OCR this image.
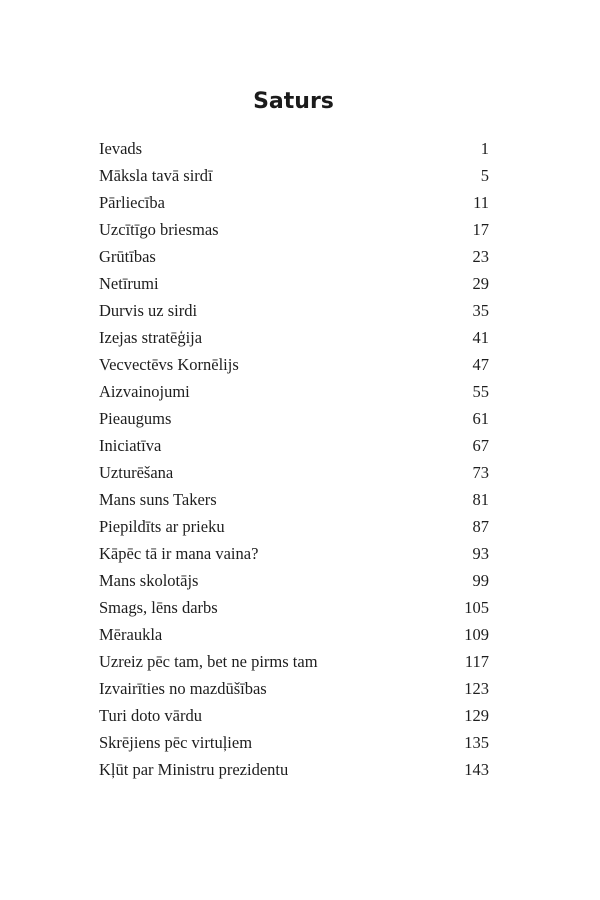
Saturs
Ievads	1
Māksla tavā sirdī	5
Pārliecība	11
Uzcītīgo briesmas	17
Grūtības	23
Netīrumi	29
Durvis uz sirdi	35
Izejas stratēģija	41
Vecvectēvs Kornēlijs	47
Aizvainojumi	55
Pieaugums	61
Iniciatīva	67
Uzturēšana	73
Mans suns Takers	81
Piepildīts ar prieku	87
Kāpēc tā ir mana vaina?	93
Mans skolotājs	99
Smags, lēns darbs	105
Mēraukla	109
Uzreiz pēc tam, bet ne pirms tam	117
Izvairīties no mazdūšības	123
Turi doto vārdu	129
Skrējiens pēc virtuļiem	135
Kļūt par Ministru prezidentu	143
